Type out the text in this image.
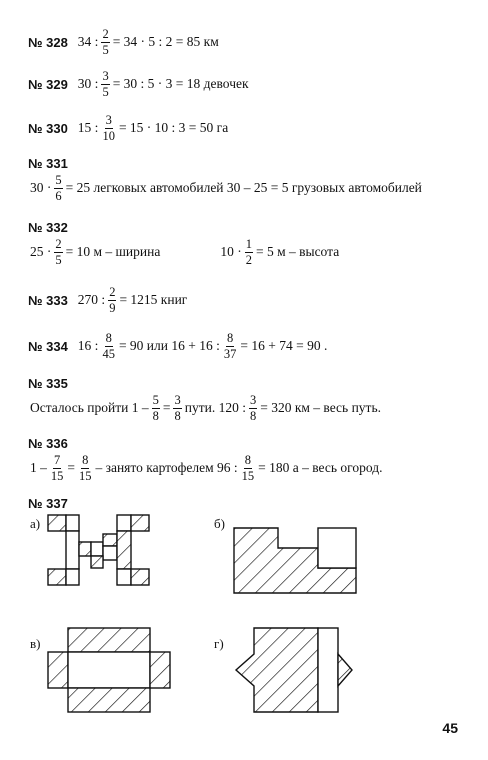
№ 328 34 : $\frac{2}{5} = 34 \cdot 5$ : 2 = 85 км
№ 329 30 : $\frac{3}{5} = 30$ : 5 · 3 = 18 девочек
№ 330 15 : $\frac{3}{10} = 15 \cdot 10$ : 3 = 50 га
№ 331
$30 \cdot \frac{5}{6} = 25$ легковых автомобилей 30 – 25 = 5 грузовых автомобилей
№ 332
$25 \cdot \frac{2}{5} = 10$ м – ширина	$10 \cdot \frac{1}{2} = 5$ м – высота
№ 333 270 : $\frac{2}{9} = 1215$ книг
№ 334 16 : $\frac{8}{45} = 90$ или 16 + 16 : $\frac{8}{37} = 16 + 74 = 90$ .
№ 335
Осталось пройти $1 - \frac{5}{8} = \frac{3}{8}$ пути. 120 : $\frac{3}{8} = 320$ км – весь путь.
№ 336
$1 - \frac{7}{15} = \frac{8}{15}$ – занято картофелем 96 : $\frac{8}{15} = 180$ а – весь огород.
№ 337
а)	б)
в)	г)
45
